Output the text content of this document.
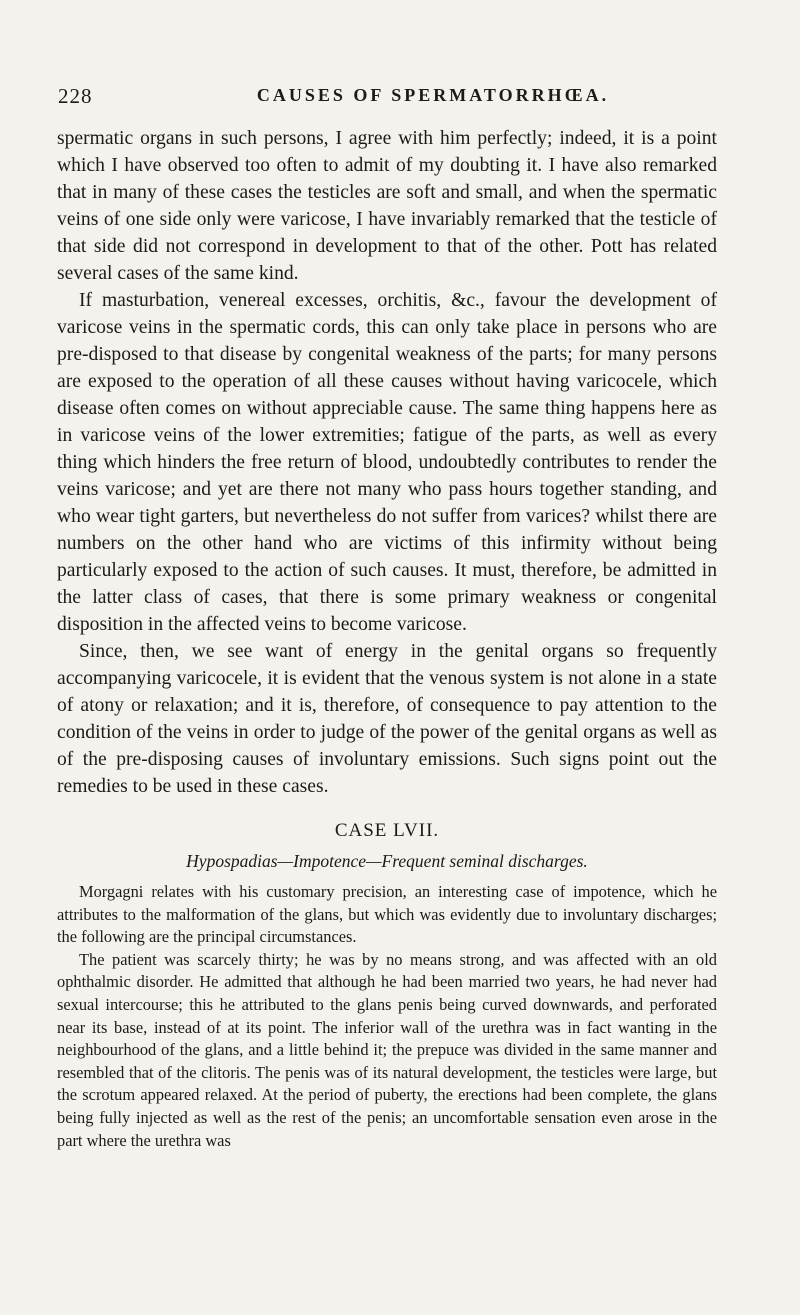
228	CAUSES OF SPERMATORRHŒA.

spermatic organs in such persons, I agree with him perfectly; indeed, it is a point which I have observed too often to admit of my doubting it. I have also remarked that in many of these cases the testicles are soft and small, and when the spermatic veins of one side only were varicose, I have invariably remarked that the testicle of that side did not correspond in development to that of the other. Pott has related several cases of the same kind.

If masturbation, venereal excesses, orchitis, &c., favour the development of varicose veins in the spermatic cords, this can only take place in persons who are pre-disposed to that disease by congenital weakness of the parts; for many persons are exposed to the operation of all these causes without having varicocele, which disease often comes on without appreciable cause. The same thing happens here as in varicose veins of the lower extremities; fatigue of the parts, as well as every thing which hinders the free return of blood, undoubtedly contributes to render the veins varicose; and yet are there not many who pass hours together standing, and who wear tight garters, but nevertheless do not suffer from varices? whilst there are numbers on the other hand who are victims of this infirmity without being particularly exposed to the action of such causes. It must, therefore, be admitted in the latter class of cases, that there is some primary weakness or congenital disposition in the affected veins to become varicose.

Since, then, we see want of energy in the genital organs so frequently accompanying varicocele, it is evident that the venous system is not alone in a state of atony or relaxation; and it is, therefore, of consequence to pay attention to the condition of the veins in order to judge of the power of the genital organs as well as of the pre-disposing causes of involuntary emissions. Such signs point out the remedies to be used in these cases.

CASE LVII.
Hypospadias—Impotence—Frequent seminal discharges.

Morgagni relates with his customary precision, an interesting case of impotence, which he attributes to the malformation of the glans, but which was evidently due to involuntary discharges; the following are the principal circumstances.

The patient was scarcely thirty; he was by no means strong, and was affected with an old ophthalmic disorder. He admitted that although he had been married two years, he had never had sexual intercourse; this he attributed to the glans penis being curved downwards, and perforated near its base, instead of at its point. The inferior wall of the urethra was in fact wanting in the neighbourhood of the glans, and a little behind it; the prepuce was divided in the same manner and resembled that of the clitoris. The penis was of its natural development, the testicles were large, but the scrotum appeared relaxed. At the period of puberty, the erections had been complete, the glans being fully injected as well as the rest of the penis; an uncomfortable sensation even arose in the part where the urethra was
